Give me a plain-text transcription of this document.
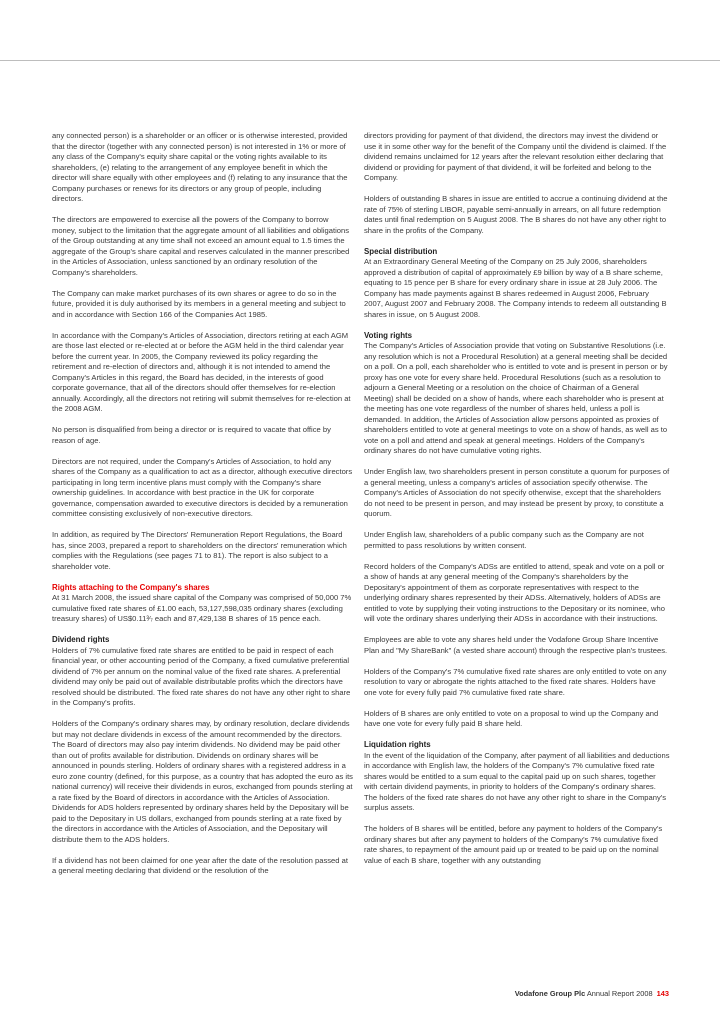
any connected person) is a shareholder or an officer or is otherwise interested, provided that the director (together with any connected person) is not interested in 1% or more of any class of the Company's equity share capital or the voting rights available to its shareholders, (e) relating to the arrangement of any employee benefit in which the director will share equally with other employees and (f) relating to any insurance that the Company purchases or renews for its directors or any group of people, including directors.

The directors are empowered to exercise all the powers of the Company to borrow money, subject to the limitation that the aggregate amount of all liabilities and obligations of the Group outstanding at any time shall not exceed an amount equal to 1.5 times the aggregate of the Group's share capital and reserves calculated in the manner prescribed in the Articles of Association, unless sanctioned by an ordinary resolution of the Company's shareholders.

The Company can make market purchases of its own shares or agree to do so in the future, provided it is duly authorised by its members in a general meeting and subject to and in accordance with Section 166 of the Companies Act 1985.

In accordance with the Company's Articles of Association, directors retiring at each AGM are those last elected or re-elected at or before the AGM held in the third calendar year before the current year. In 2005, the Company reviewed its policy regarding the retirement and re-election of directors and, although it is not intended to amend the Company's Articles in this regard, the Board has decided, in the interests of good corporate governance, that all of the directors should offer themselves for re-election annually. Accordingly, all the directors not retiring will submit themselves for re-election at the 2008 AGM.

No person is disqualified from being a director or is required to vacate that office by reason of age.

Directors are not required, under the Company's Articles of Association, to hold any shares of the Company as a qualification to act as a director, although executive directors participating in long term incentive plans must comply with the Company's share ownership guidelines. In accordance with best practice in the UK for corporate governance, compensation awarded to executive directors is decided by a remuneration committee consisting exclusively of non-executive directors.

In addition, as required by The Directors' Remuneration Report Regulations, the Board has, since 2003, prepared a report to shareholders on the directors' remuneration which complies with the Regulations (see pages 71 to 81). The report is also subject to a shareholder vote.

Rights attaching to the Company's shares

At 31 March 2008, the issued share capital of the Company was comprised of 50,000 7% cumulative fixed rate shares of £1.00 each, 53,127,598,035 ordinary shares (excluding treasury shares) of US$0.11³⁄₇ each and 87,429,138 B shares of 15 pence each.

Dividend rights

Holders of 7% cumulative fixed rate shares are entitled to be paid in respect of each financial year, or other accounting period of the Company, a fixed cumulative preferential dividend of 7% per annum on the nominal value of the fixed rate shares. A preferential dividend may only be paid out of available distributable profits which the directors have resolved should be distributed. The fixed rate shares do not have any other right to share in the Company's profits.

Holders of the Company's ordinary shares may, by ordinary resolution, declare dividends but may not declare dividends in excess of the amount recommended by the directors. The Board of directors may also pay interim dividends. No dividend may be paid other than out of profits available for distribution. Dividends on ordinary shares will be announced in pounds sterling. Holders of ordinary shares with a registered address in a euro zone country (defined, for this purpose, as a country that has adopted the euro as its national currency) will receive their dividends in euros, exchanged from pounds sterling at a rate fixed by the Board of directors in accordance with the Articles of Association. Dividends for ADS holders represented by ordinary shares held by the Depositary will be paid to the Depositary in US dollars, exchanged from pounds sterling at a rate fixed by the directors in accordance with the Articles of Association, and the Depositary will distribute them to the ADS holders.

If a dividend has not been claimed for one year after the date of the resolution passed at a general meeting declaring that dividend or the resolution of the

directors providing for payment of that dividend, the directors may invest the dividend or use it in some other way for the benefit of the Company until the dividend is claimed. If the dividend remains unclaimed for 12 years after the relevant resolution either declaring that dividend or providing for payment of that dividend, it will be forfeited and belong to the Company.

Holders of outstanding B shares in issue are entitled to accrue a continuing dividend at the rate of 75% of sterling LIBOR, payable semi-annually in arrears, on all future redemption dates until final redemption on 5 August 2008. The B shares do not have any other right to share in the profits of the Company.

Special distribution

At an Extraordinary General Meeting of the Company on 25 July 2006, shareholders approved a distribution of capital of approximately £9 billion by way of a B share scheme, equating to 15 pence per B share for every ordinary share in issue at 28 July 2006. The Company has made payments against B shares redeemed in August 2006, February 2007, August 2007 and February 2008. The Company intends to redeem all outstanding B shares in issue, on 5 August 2008.

Voting rights

The Company's Articles of Association provide that voting on Substantive Resolutions (i.e. any resolution which is not a Procedural Resolution) at a general meeting shall be decided on a poll. On a poll, each shareholder who is entitled to vote and is present in person or by proxy has one vote for every share held. Procedural Resolutions (such as a resolution to adjourn a General Meeting or a resolution on the choice of Chairman of a General Meeting) shall be decided on a show of hands, where each shareholder who is present at the meeting has one vote regardless of the number of shares held, unless a poll is demanded. In addition, the Articles of Association allow persons appointed as proxies of shareholders entitled to vote at general meetings to vote on a show of hands, as well as to vote on a poll and attend and speak at general meetings. Holders of the Company's ordinary shares do not have cumulative voting rights.

Under English law, two shareholders present in person constitute a quorum for purposes of a general meeting, unless a company's articles of association specify otherwise. The Company's Articles of Association do not specify otherwise, except that the shareholders do not need to be present in person, and may instead be present by proxy, to constitute a quorum.

Under English law, shareholders of a public company such as the Company are not permitted to pass resolutions by written consent.

Record holders of the Company's ADSs are entitled to attend, speak and vote on a poll or a show of hands at any general meeting of the Company's shareholders by the Depositary's appointment of them as corporate representatives with respect to the underlying ordinary shares represented by their ADSs. Alternatively, holders of ADSs are entitled to vote by supplying their voting instructions to the Depositary or its nominee, who will vote the ordinary shares underlying their ADSs in accordance with their instructions.

Employees are able to vote any shares held under the Vodafone Group Share Incentive Plan and "My ShareBank" (a vested share account) through the respective plan's trustees.

Holders of the Company's 7% cumulative fixed rate shares are only entitled to vote on any resolution to vary or abrogate the rights attached to the fixed rate shares. Holders have one vote for every fully paid 7% cumulative fixed rate share.

Holders of B shares are only entitled to vote on a proposal to wind up the Company and have one vote for every fully paid B share held.

Liquidation rights

In the event of the liquidation of the Company, after payment of all liabilities and deductions in accordance with English law, the holders of the Company's 7% cumulative fixed rate shares would be entitled to a sum equal to the capital paid up on such shares, together with certain dividend payments, in priority to holders of the Company's ordinary shares. The holders of the fixed rate shares do not have any other right to share in the Company's surplus assets.

The holders of B shares will be entitled, before any payment to holders of the Company's ordinary shares but after any payment to holders of the Company's 7% cumulative fixed rate shares, to repayment of the amount paid up or treated to be paid up on the nominal value of each B share, together with any outstanding

Vodafone Group Plc Annual Report 2008 143
